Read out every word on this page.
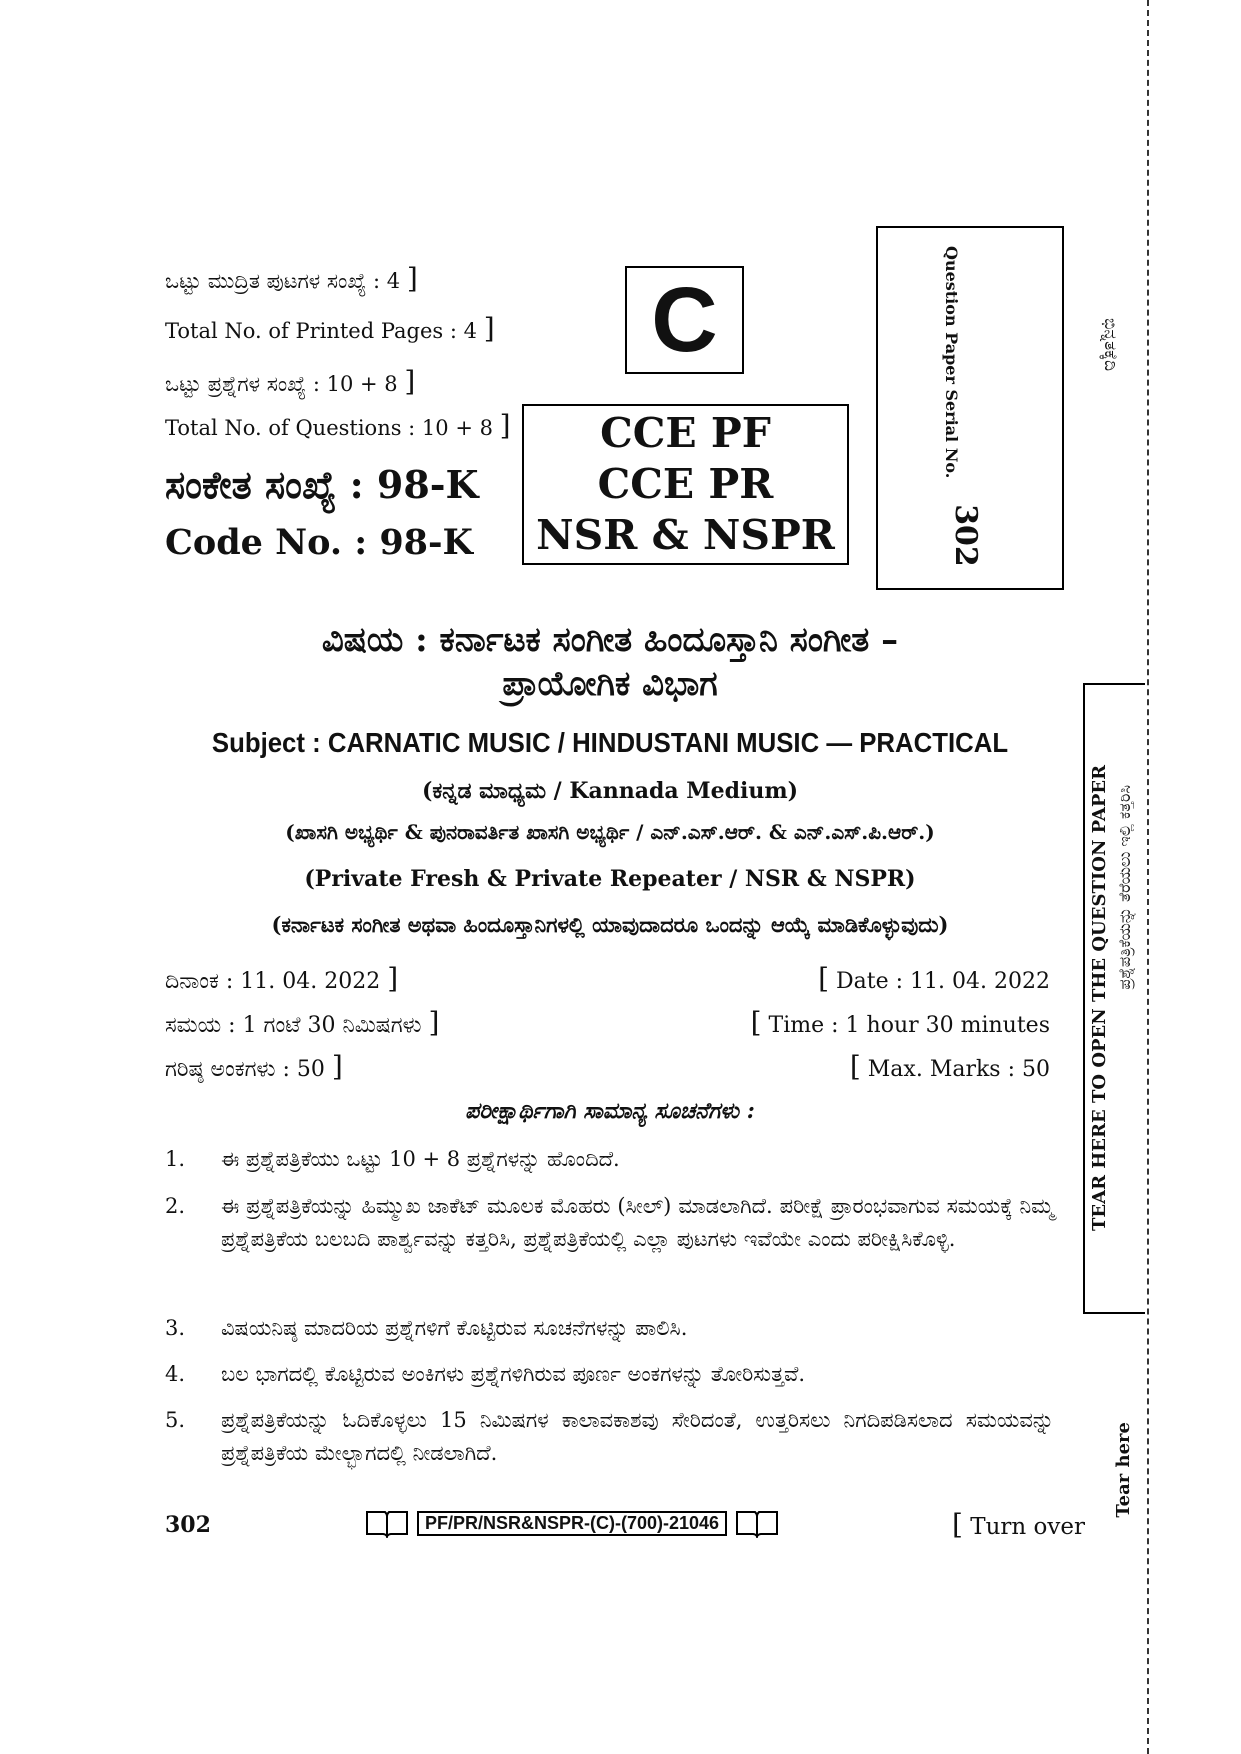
ಒಟ್ಟು ಮುದ್ರಿತ ಪುಟಗಳ ಸಂಖ್ಯೆ : 4 ]
Total No. of Printed Pages : 4 ]
ಒಟ್ಟು ಪ್ರಶ್ನೆಗಳ ಸಂಖ್ಯೆ : 10 + 8 ]
Total No. of Questions : 10 + 8 ]
ಸಂಕೇತ ಸಂಖ್ಯೆ : 98-K
Code No. : 98-K
C
CCE PF
CCE PR
NSR & NSPR
Question Paper Serial No.
302
ಭಿನ್ನತಕ್ಕೆದಿ
TEAR HERE TO OPEN THE QUESTION PAPER ಪ್ರಶ್ನೆಪತ್ರಿಕೆಯನ್ನು ತೆರೆಯಲು ಇಲ್ಲಿ ಕತ್ತರಿಸಿ
Tear here
ವಿಷಯ : ಕರ್ನಾಟಕ ಸಂಗೀತ ಹಿಂದೂಸ್ತಾನಿ ಸಂಗೀತ –
ಪ್ರಾಯೋಗಿಕ ವಿಭಾಗ
Subject : CARNATIC MUSIC / HINDUSTANI MUSIC — PRACTICAL
(ಕನ್ನಡ ಮಾಧ್ಯಮ / Kannada Medium)
(ಖಾಸಗಿ ಅಭ್ಯರ್ಥಿ & ಪುನರಾವರ್ತಿತ ಖಾಸಗಿ ಅಭ್ಯರ್ಥಿ / ಎನ್.ಎಸ್.ಆರ್. & ಎನ್.ಎಸ್.ಪಿ.ಆರ್.)
(Private Fresh & Private Repeater / NSR & NSPR)
(ಕರ್ನಾಟಕ ಸಂಗೀತ ಅಥವಾ ಹಿಂದೂಸ್ತಾನಿಗಳಲ್ಲಿ ಯಾವುದಾದರೂ ಒಂದನ್ನು ಆಯ್ಕೆ ಮಾಡಿಕೊಳ್ಳುವುದು)
ದಿನಾಂಕ : 11. 04. 2022 ]	[ Date : 11. 04. 2022
ಸಮಯ : 1 ಗಂಟೆ 30 ನಿಮಿಷಗಳು ]	[ Time : 1 hour 30 minutes
ಗರಿಷ್ಠ ಅಂಕಗಳು : 50 ]	[ Max. Marks : 50
ಪರೀಕ್ಷಾರ್ಥಿಗಾಗಿ ಸಾಮಾನ್ಯ ಸೂಚನೆಗಳು :
1. ಈ ಪ್ರಶ್ನೆಪತ್ರಿಕೆಯು ಒಟ್ಟು 10 + 8 ಪ್ರಶ್ನೆಗಳನ್ನು ಹೊಂದಿದೆ.
2. ಈ ಪ್ರಶ್ನೆಪತ್ರಿಕೆಯನ್ನು ಹಿಮ್ಮುಖ ಜಾಕೆಟ್ ಮೂಲಕ ಮೊಹರು (ಸೀಲ್) ಮಾಡಲಾಗಿದೆ. ಪರೀಕ್ಷೆ ಪ್ರಾರಂಭವಾಗುವ ಸಮಯಕ್ಕೆ ನಿಮ್ಮ ಪ್ರಶ್ನೆಪತ್ರಿಕೆಯ ಬಲಬದಿ ಪಾರ್ಶ್ವವನ್ನು ಕತ್ತರಿಸಿ, ಪ್ರಶ್ನೆಪತ್ರಿಕೆಯಲ್ಲಿ ಎಲ್ಲಾ ಪುಟಗಳು ಇವೆಯೇ ಎಂದು ಪರೀಕ್ಷಿಸಿಕೊಳ್ಳಿ.
3. ವಿಷಯನಿಷ್ಠ ಮಾದರಿಯ ಪ್ರಶ್ನೆಗಳಿಗೆ ಕೊಟ್ಟಿರುವ ಸೂಚನೆಗಳನ್ನು ಪಾಲಿಸಿ.
4. ಬಲ ಭಾಗದಲ್ಲಿ ಕೊಟ್ಟಿರುವ ಅಂಕಿಗಳು ಪ್ರಶ್ನೆಗಳಿಗಿರುವ ಪೂರ್ಣ ಅಂಕಗಳನ್ನು ತೋರಿಸುತ್ತವೆ.
5. ಪ್ರಶ್ನೆಪತ್ರಿಕೆಯನ್ನು ಓದಿಕೊಳ್ಳಲು 15 ನಿಮಿಷಗಳ ಕಾಲಾವಕಾಶವು ಸೇರಿದಂತೆ, ಉತ್ತರಿಸಲು ನಿಗದಿಪಡಿಸಲಾದ ಸಮಯವನ್ನು ಪ್ರಶ್ನೆಪತ್ರಿಕೆಯ ಮೇಲ್ಭಾಗದಲ್ಲಿ ನೀಡಲಾಗಿದೆ.
302	PF/PR/NSR&NSPR-(C)-(700)-21046	[ Turn over
